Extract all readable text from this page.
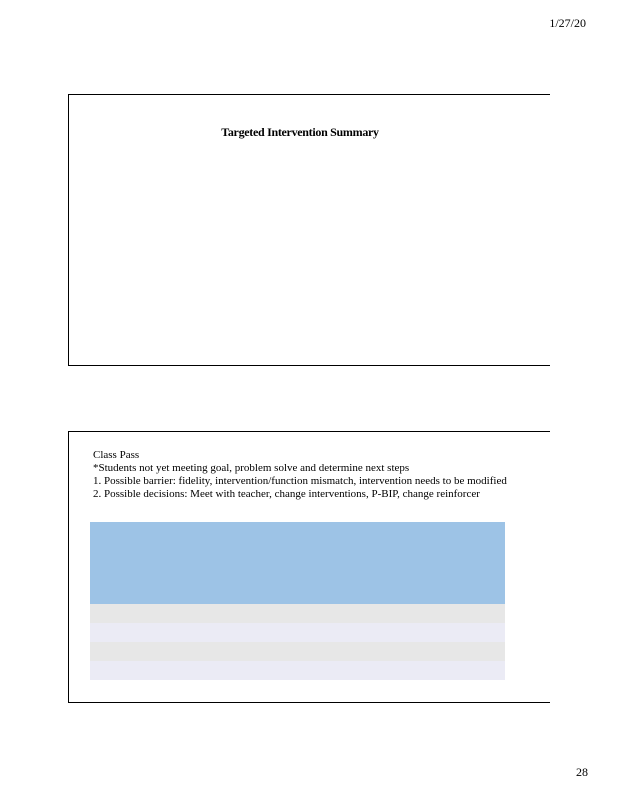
1/27/20
Targeted Intervention Summary
Class Pass
*Students not yet meeting goal, problem solve and determine next steps
1. Possible barrier: fidelity, intervention/function mismatch, intervention needs to be modified
2. Possible decisions: Meet with teacher, change interventions, P-BIP, change reinforcer
28
